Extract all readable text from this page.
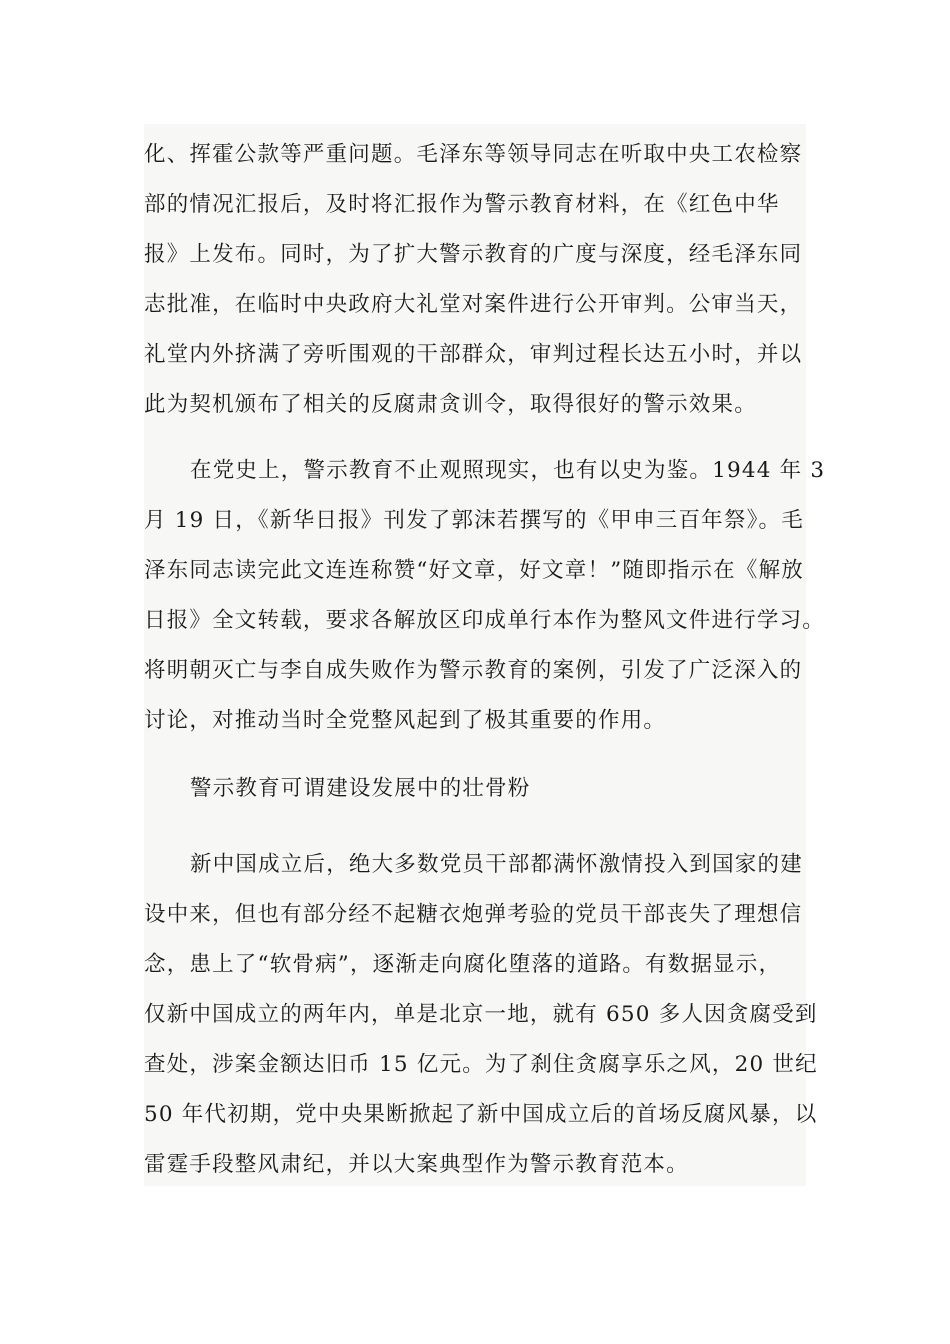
化、挥霍公款等严重问题。毛泽东等领导同志在听取中央工农检察
部的情况汇报后，及时将汇报作为警示教育材料，在《红色中华
报》上发布。同时，为了扩大警示教育的广度与深度，经毛泽东同
志批准，在临时中央政府大礼堂对案件进行公开审判。公审当天，
礼堂内外挤满了旁听围观的干部群众，审判过程长达五小时，并以
此为契机颁布了相关的反腐肃贪训令，取得很好的警示效果。
在党史上，警示教育不止观照现实，也有以史为鉴。1944 年 3
月 19 日，《新华日报》刊发了郭沫若撰写的《甲申三百年祭》。毛
泽东同志读完此文连连称赞“好文章，好文章！”随即指示在《解放
日报》全文转载，要求各解放区印成单行本作为整风文件进行学习。
将明朝灭亡与李自成失败作为警示教育的案例，引发了广泛深入的
讨论，对推动当时全党整风起到了极其重要的作用。
警示教育可谓建设发展中的壮骨粉
新中国成立后，绝大多数党员干部都满怀激情投入到国家的建
设中来，但也有部分经不起糖衣炮弹考验的党员干部丧失了理想信
念，患上了“软骨病”，逐渐走向腐化堕落的道路。有数据显示，
仅新中国成立的两年内，单是北京一地，就有 650 多人因贪腐受到
查处，涉案金额达旧币 15 亿元。为了刹住贪腐享乐之风，20 世纪
50 年代初期，党中央果断掀起了新中国成立后的首场反腐风暴，以
雷霆手段整风肃纪，并以大案典型作为警示教育范本。
